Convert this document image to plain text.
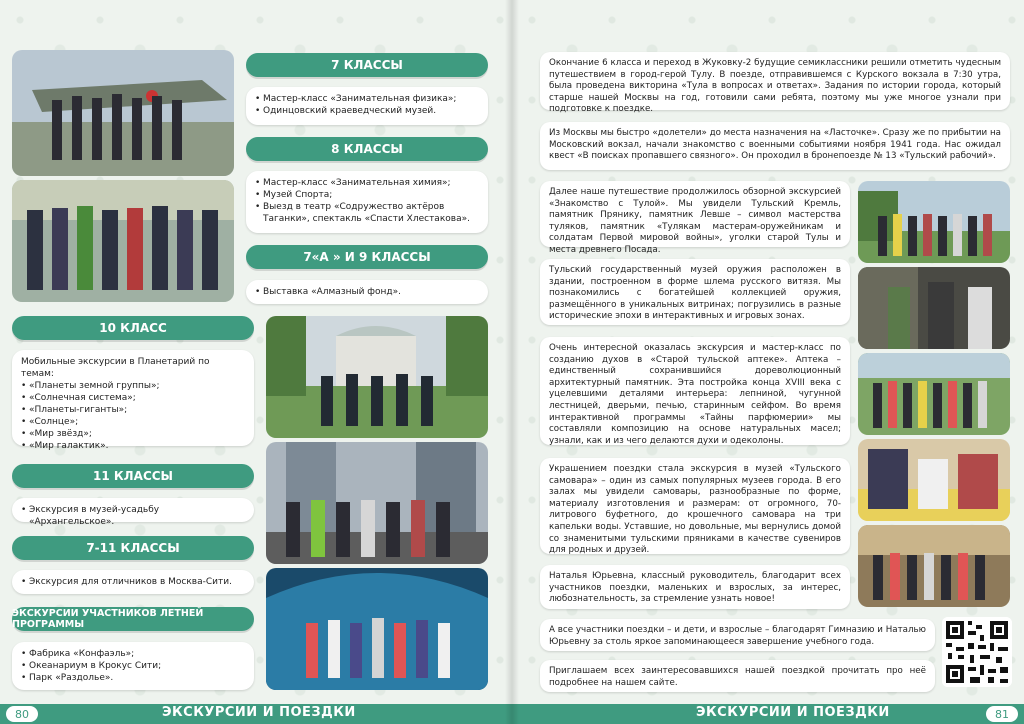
7 КЛАССЫ
• Мастер-класс «Занимательная физика»;
• Одинцовский краеведческий музей.
8 КЛАССЫ
• Мастер-класс «Занимательная химия»;
• Музей Спорта;
• Выезд в театр «Содружество актёров Таганки», спектакль «Спасти Хлестакова».
7«А » И 9 КЛАССЫ
• Выставка «Алмазный фонд».
10 КЛАСС
Мобильные экскурсии в Планетарий по темам:
• «Планеты земной группы»;
• «Солнечная система»;
• «Планеты-гиганты»;
• «Солнце»;
• «Мир звёзд»;
• «Мир галактик».
11 КЛАССЫ
• Экскурсия в музей-усадьбу «Архангельское».
7-11 КЛАССЫ
• Экскурсия для отличников в Москва-Сити.
ЭКСКУРСИИ УЧАСТНИКОВ ЛЕТНЕЙ ПРОГРАММЫ
• Фабрика «Конфаэль»;
• Океанариум в Крокус Сити;
• Парк «Раздолье».
80	ЭКСКУРСИИ И ПОЕЗДКИ
Окончание 6 класса и переход в Жуковку-2 будущие семиклассники решили отметить чудесным путешествием в город-герой Тулу. В поезде, отправившемся с Курского вокзала в 7:30 утра, была проведена викторина «Тула в вопросах и ответах». Задания по истории города, который старше нашей Москвы на год, готовили сами ребята, поэтому мы уже многое узнали при подготовке к поездке.
Из Москвы мы быстро «долетели» до места назначения на «Ласточке». Сразу же по прибытии на Московский вокзал, начали знакомство с военными событиями ноября 1941 года. Нас ожидал квест «В поисках пропавшего связного». Он проходил в бронепоезде № 13 «Тульский рабочий».
Далее наше путешествие продолжилось обзорной экскурсией «Знакомство с Тулой». Мы увидели Тульский Кремль, памятник Прянику, памятник Левше – символ мастерства туляков, памятник «Тулякам мастерам-оружейникам и солдатам Первой мировой войны», уголки старой Тулы и места древнего Посада.
Тульский государственный музей оружия расположен в здании, построенном в форме шлема русского витязя. Мы познакомились с богатейшей коллекцией оружия, размещённого в уникальных витринах; погрузились в разные исторические эпохи в интерактивных и игровых зонах.
Очень интересной оказалась экскурсия и мастер-класс по созданию духов в «Старой тульской аптеке». Аптека – единственный сохранившийся дореволюционный архитектурный памятник. Эта постройка конца XVIII века с уцелевшими деталями интерьера: лепниной, чугунной лестницей, дверьми, печью, старинным сейфом. Во время интерактивной программы «Тайны парфюмерии» мы составляли композицию на основе натуральных масел; узнали, как и из чего делаются духи и одеколоны.
Украшением поездки стала экскурсия в музей «Тульского самовара» – один из самых популярных музеев города. В его залах мы увидели самовары, разнообразные по форме, материалу изготовления и размерам: от огромного, 70-литрового буфетного, до крошечного самовара на три капельки воды. Уставшие, но довольные, мы вернулись домой со знаменитыми тульскими пряниками в качестве сувениров для родных и друзей.
Наталья Юрьевна, классный руководитель, благодарит всех участников поездки, маленьких и взрослых, за интерес, любознательность, за стремление узнать новое!
А все участники поездки – и дети, и взрослые – благодарят Гимназию и Наталью Юрьевну за столь яркое запоминающееся завершение учебного года.
Приглашаем всех заинтересовавшихся нашей поездкой прочитать про неё подробнее на нашем сайте.
81
ЭКСКУРСИИ И ПОЕЗДКИ
